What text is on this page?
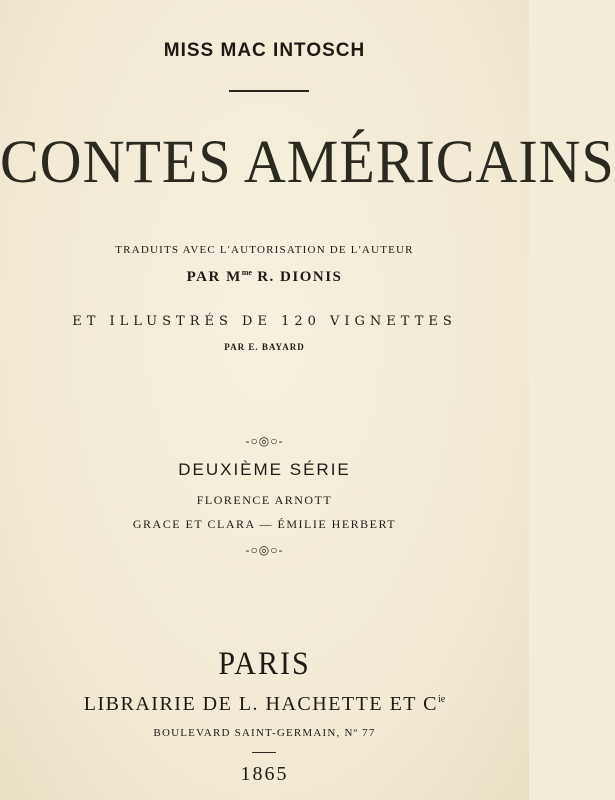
MISS MAC INTOSCH
CONTES AMÉRICAINS
TRADUITS AVEC L'AUTORISATION DE L'AUTEUR
PAR $M^{me}$ R. DIONIS
ET ILLUSTRÉS DE 120 VIGNETTES
PAR E. BAYARD
-○◎○-
DEUXIÈME SÉRIE
FLORENCE ARNOTT
GRACE ET CLARA — ÉMILIE HERBERT
-○◎○-
PARIS
LIBRAIRIE DE L. HACHETTE ET $C^{ie}$
BOULEVARD SAINT-GERMAIN, Nº 77
1865
